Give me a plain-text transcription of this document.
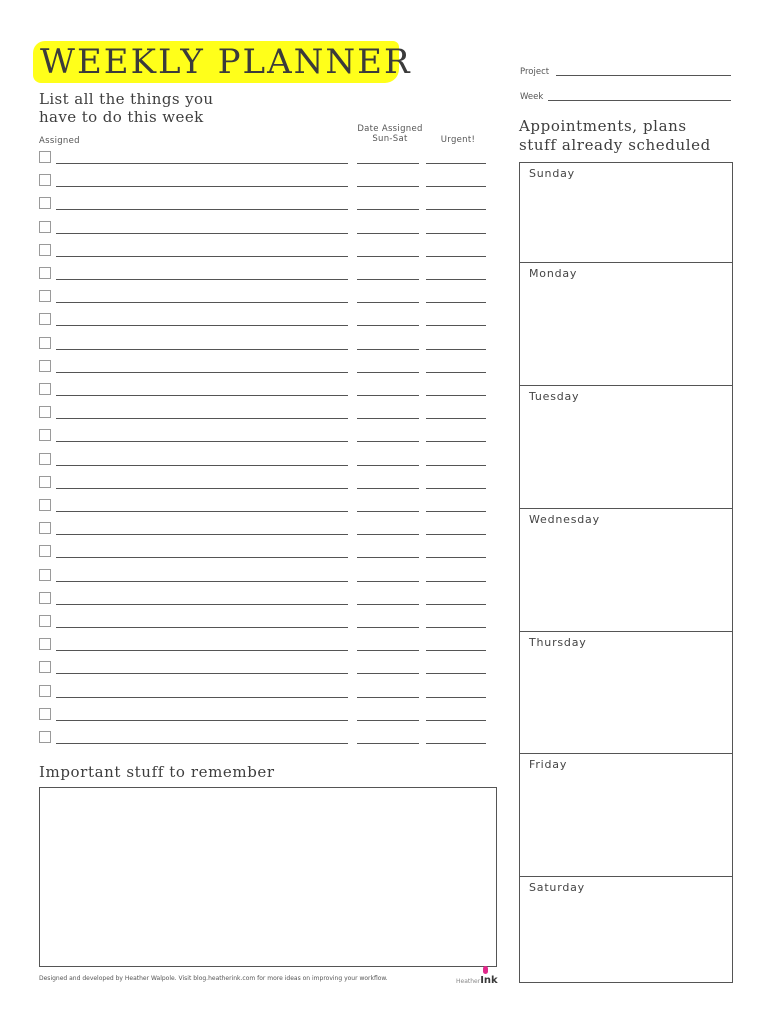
WEEKLY PLANNER
List all the things you
have to do this week
Assigned
Date Assigned
Sun-Sat	Urgent!
Important stuff to remember
Designed and developed by Heather Walpole. Visit blog.heatherink.com for more ideas on improving your workflow.	HeatherInk
Project
Week
Appointments, plans
stuff already scheduled
Sunday
Monday
Tuesday
Wednesday
Thursday
Friday
Saturday
